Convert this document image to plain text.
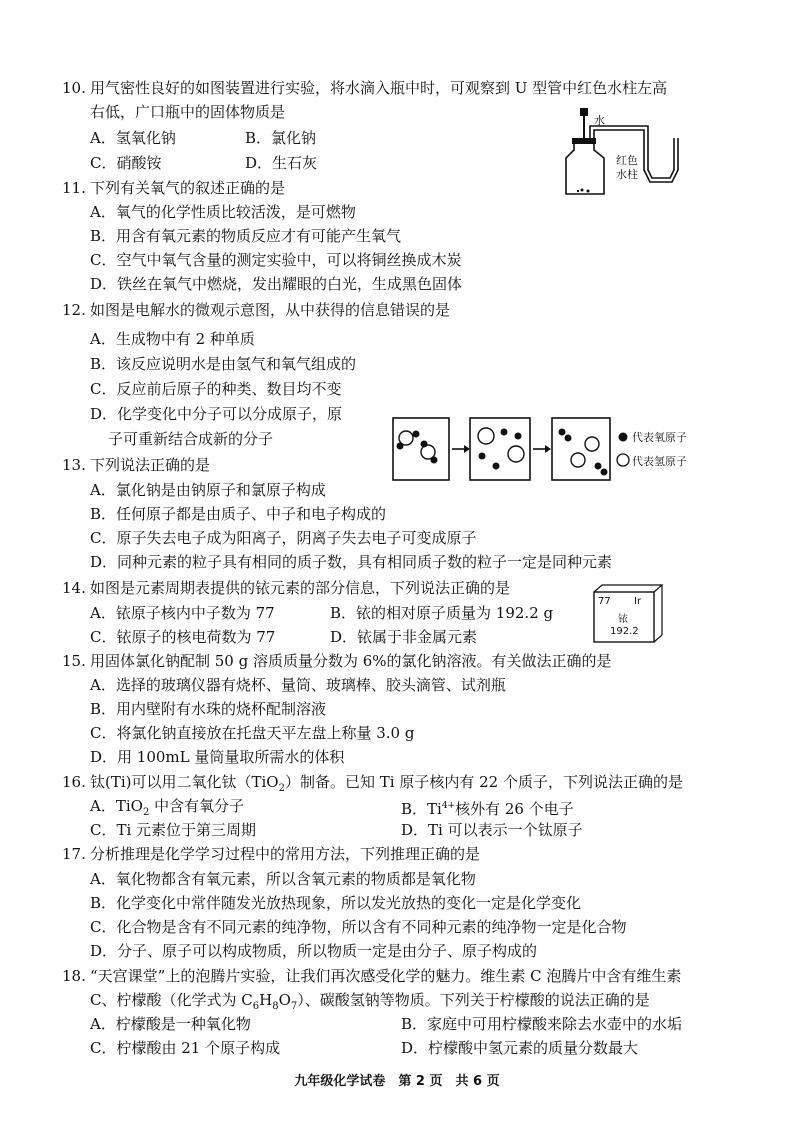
10. 用气密性良好的如图装置进行实验，将水滴入瓶中时，可观察到 U 型管中红色水柱左高
右低，广口瓶中的固体物质是
A．氢氧化钠	B．氯化钠
C．硝酸铵	D．生石灰
水
红色
水柱
11. 下列有关氧气的叙述正确的是
A．氧气的化学性质比较活泼，是可燃物
B．用含有氧元素的物质反应才有可能产生氧气
C．空气中氧气含量的测定实验中，可以将铜丝换成木炭
D．铁丝在氧气中燃烧，发出耀眼的白光，生成黑色固体
12. 如图是电解水的微观示意图，从中获得的信息错误的是
A．生成物中有 2 种单质
B．该反应说明水是由氢气和氧气组成的
C．反应前后原子的种类、数目均不变
D．化学变化中分子可以分成原子，原
子可重新结合成新的分子	代表氧原子
代表氢原子
13. 下列说法正确的是
A．氯化钠是由钠原子和氯原子构成
B．任何原子都是由质子、中子和电子构成的
C．原子失去电子成为阳离子，阴离子失去电子可变成原子
D．同种元素的粒子具有相同的质子数，具有相同质子数的粒子一定是同种元素
14. 如图是元素周期表提供的铱元素的部分信息，下列说法正确的是
A．铱原子核内中子数为 77	B．铱的相对原子质量为 192.2 g
C．铱原子的核电荷数为 77	D．铱属于非金属元素
77 Ir
铱
192.2
15. 用固体氯化钠配制 50 g 溶质质量分数为 6%的氯化钠溶液。有关做法正确的是
A．选择的玻璃仪器有烧杯、量筒、玻璃棒、胶头滴管、试剂瓶
B．用内壁附有水珠的烧杯配制溶液
C．将氯化钠直接放在托盘天平左盘上称量 3.0 g
D．用 100mL 量筒量取所需水的体积
16. 钛(Ti)可以用二氧化钛（TiO$_2$）制备。已知 Ti 原子核内有 22 个质子，下列说法正确的是
A．TiO$_2$ 中含有氧分子	B．$Ti^{4+}$核外有 26 个电子
C．Ti 元素位于第三周期	D．Ti 可以表示一个钛原子
17. 分析推理是化学学习过程中的常用方法，下列推理正确的是
A．氧化物都含有氧元素，所以含氧元素的物质都是氧化物
B．化学变化中常伴随发光放热现象，所以发光放热的变化一定是化学变化
C．化合物是含有不同元素的纯净物，所以含有不同种元素的纯净物一定是化合物
D．分子、原子可以构成物质，所以物质一定是由分子、原子构成的
18. “天宫课堂”上的泡腾片实验，让我们再次感受化学的魅力。维生素 C 泡腾片中含有维生素
C、柠檬酸（化学式为 $C_6H_8O_7$）、碳酸氢钠等物质。下列关于柠檬酸的说法正确的是
A．柠檬酸是一种氧化物	B．家庭中可用柠檬酸来除去水壶中的水垢
C．柠檬酸由 21 个原子构成	D．柠檬酸中氢元素的质量分数最大
九年级化学试卷　第 2 页　共 6 页
